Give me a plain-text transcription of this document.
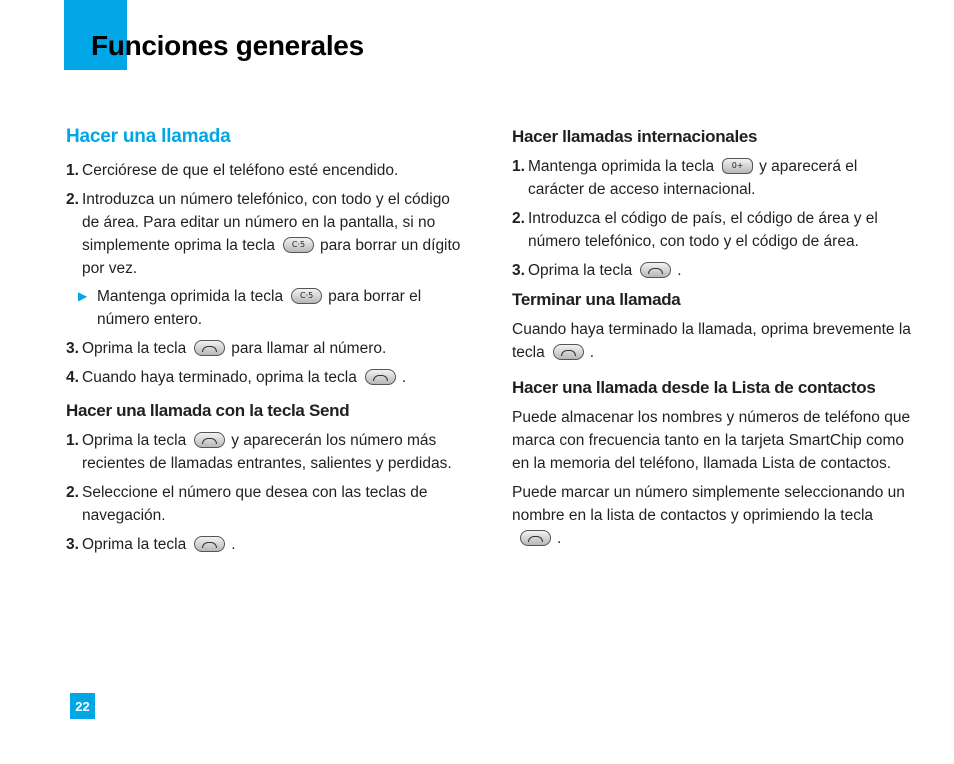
Funciones generales
Hacer una llamada
1. Cerciórese de que el teléfono esté encendido.
2. Introduzca un número telefónico, con todo y el código de área. Para editar un número en la pantalla, si no simplemente oprima la tecla	C·5 para borrar un dígito por vez.
▶ Mantenga oprimida la tecla	C·5 para borrar el número entero.
3. Oprima la tecla	para llamar al número.
4. Cuando haya terminado, oprima la tecla	.
Hacer una llamada con la tecla Send
1. Oprima la tecla	y aparecerán los número más recientes de llamadas entrantes, salientes y perdidas.
2. Seleccione el número que desea con las teclas de navegación.
3. Oprima la tecla	.
Hacer llamadas internacionales
1. Mantenga oprimida la tecla	0+	y aparecerá el carácter de acceso internacional.
2. Introduzca el código de país, el código de área y el número telefónico, con todo y el código de área.
3. Oprima la tecla	.
Terminar una llamada

Cuando haya terminado la llamada, oprima brevemente la tecla	.

Hacer una llamada desde la Lista de contactos

Puede almacenar los nombres y números de teléfono que marca con frecuencia tanto en la tarjeta SmartChip como en la memoria del teléfono, llamada Lista de contactos.

Puede marcar un número simplemente seleccionando un nombre en la lista de contactos y oprimiendo la tecla
.

22
